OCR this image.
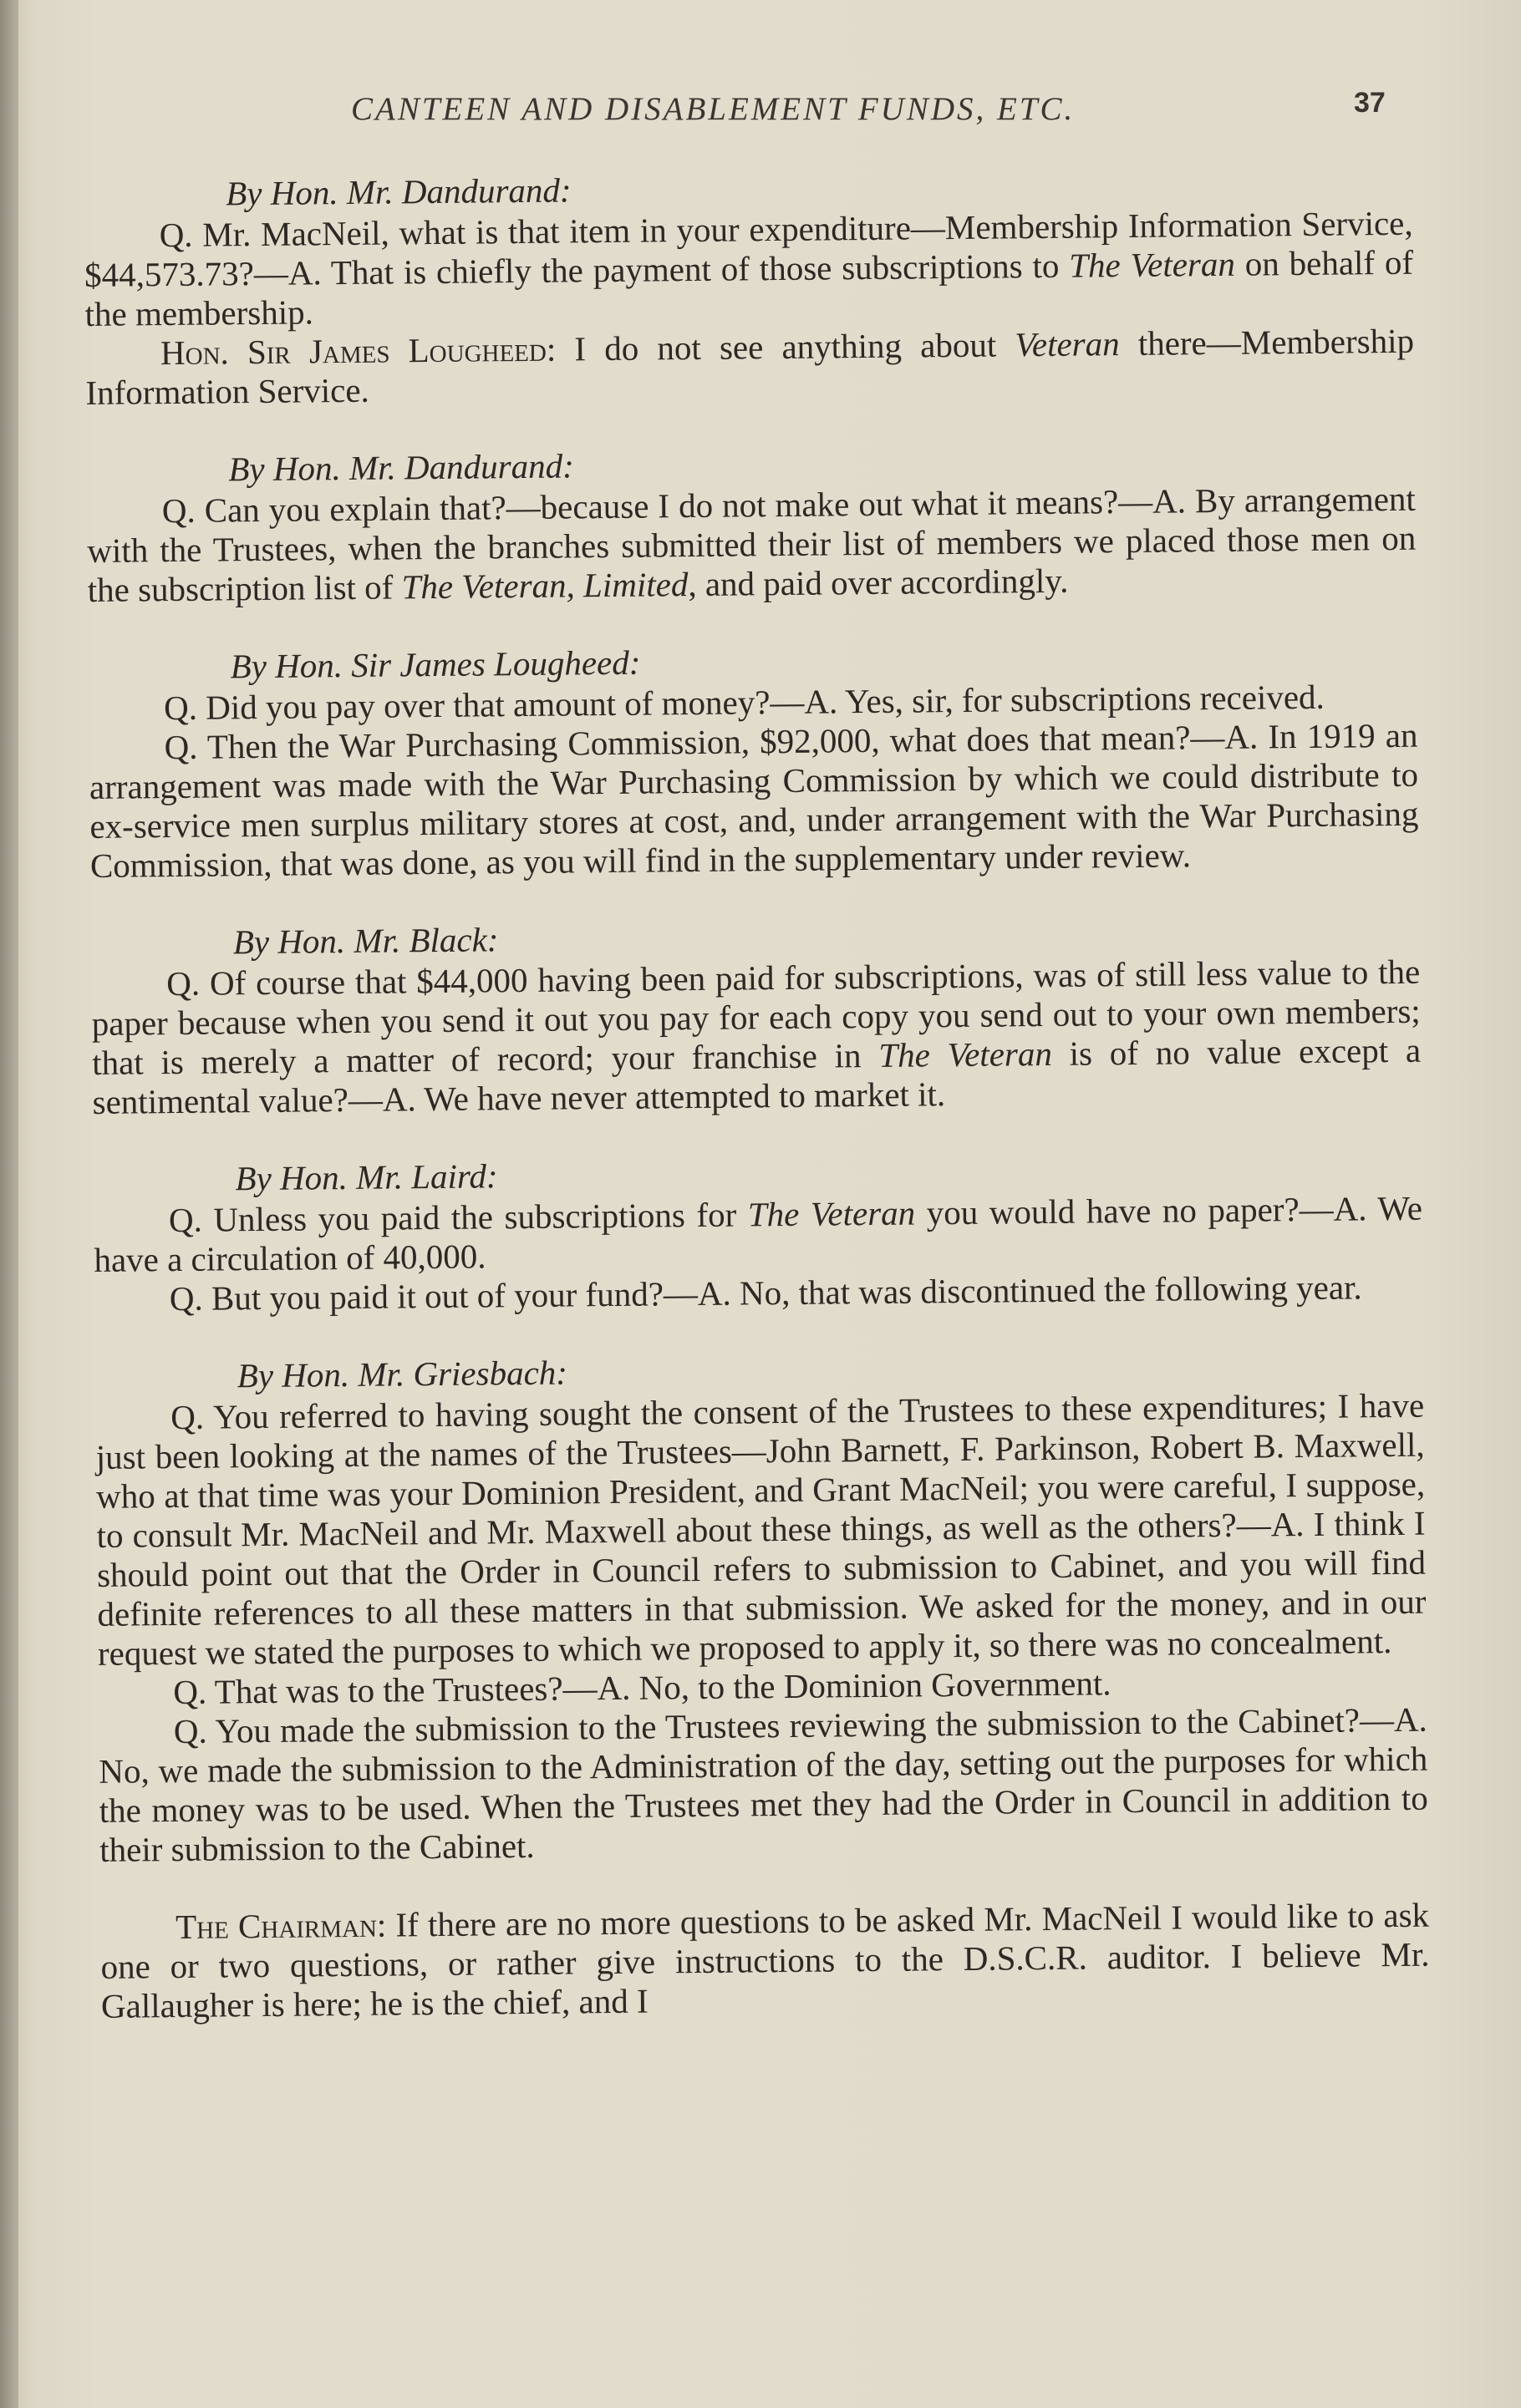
CANTEEN AND DISABLEMENT FUNDS, ETC.	37
By Hon. Mr. Dandurand:

Q. Mr. MacNeil, what is that item in your expenditure—Membership Information Service, $44,573.73?—A. That is chiefly the payment of those subscriptions to The Veteran on behalf of the membership.

Hon. Sir James Lougheed: I do not see anything about Veteran there—Membership Information Service.

By Hon. Mr. Dandurand:

Q. Can you explain that?—because I do not make out what it means?—A. By arrangement with the Trustees, when the branches submitted their list of members we placed those men on the subscription list of The Veteran, Limited, and paid over accordingly.

By Hon. Sir James Lougheed:

Q. Did you pay over that amount of money?—A. Yes, sir, for subscriptions received.

Q. Then the War Purchasing Commission, $92,000, what does that mean?—A. In 1919 an arrangement was made with the War Purchasing Commission by which we could distribute to ex-service men surplus military stores at cost, and, under arrangement with the War Purchasing Commission, that was done, as you will find in the supplementary under review.

By Hon. Mr. Black:

Q. Of course that $44,000 having been paid for subscriptions, was of still less value to the paper because when you send it out you pay for each copy you send out to your own members; that is merely a matter of record; your franchise in The Veteran is of no value except a sentimental value?—A. We have never attempted to market it.

By Hon. Mr. Laird:

Q. Unless you paid the subscriptions for The Veteran you would have no paper?—A. We have a circulation of 40,000.

Q. But you paid it out of your fund?—A. No, that was discontinued the following year.

By Hon. Mr. Griesbach:

Q. You referred to having sought the consent of the Trustees to these expenditures; I have just been looking at the names of the Trustees—John Barnett, F. Parkinson, Robert B. Maxwell, who at that time was your Dominion President, and Grant MacNeil; you were careful, I suppose, to consult Mr. MacNeil and Mr. Maxwell about these things, as well as the others?—A. I think I should point out that the Order in Council refers to submission to Cabinet, and you will find definite references to all these matters in that submission. We asked for the money, and in our request we stated the purposes to which we proposed to apply it, so there was no concealment.

Q. That was to the Trustees?—A. No, to the Dominion Government.

Q. You made the submission to the Trustees reviewing the submission to the Cabinet?—A. No, we made the submission to the Administration of the day, setting out the purposes for which the money was to be used. When the Trustees met they had the Order in Council in addition to their submission to the Cabinet.

The Chairman: If there are no more questions to be asked Mr. MacNeil I would like to ask one or two questions, or rather give instructions to the D.S.C.R. auditor. I believe Mr. Gallaugher is here; he is the chief, and I
